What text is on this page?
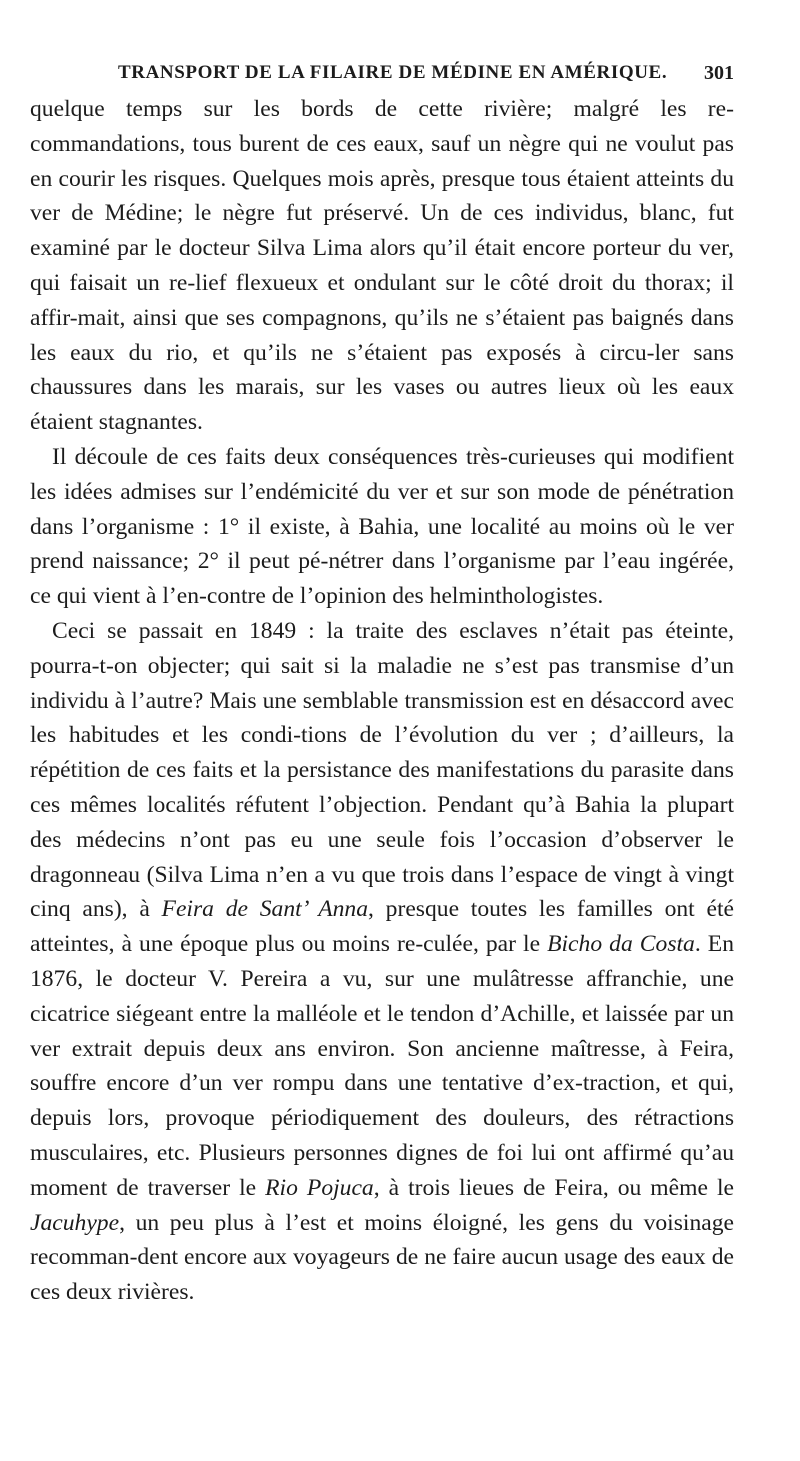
TRANSPORT DE LA FILAIRE DE MÉDINE EN AMÉRIQUE. 301

quelque temps sur les bords de cette rivière; malgré les re-commandations, tous burent de ces eaux, sauf un nègre qui ne voulut pas en courir les risques. Quelques mois après, presque tous étaient atteints du ver de Médine; le nègre fut préservé. Un de ces individus, blanc, fut examiné par le docteur Silva Lima alors qu’il était encore porteur du ver, qui faisait un re-lief flexueux et ondulant sur le côté droit du thorax; il affir-mait, ainsi que ses compagnons, qu’ils ne s’étaient pas baignés dans les eaux du rio, et qu’ils ne s’étaient pas exposés à circu-ler sans chaussures dans les marais, sur les vases ou autres lieux où les eaux étaient stagnantes.

Il découle de ces faits deux conséquences très-curieuses qui modifient les idées admises sur l’endémicité du ver et sur son mode de pénétration dans l’organisme : 1° il existe, à Bahia, une localité au moins où le ver prend naissance; 2° il peut pé-nétrer dans l’organisme par l’eau ingérée, ce qui vient à l’en-contre de l’opinion des helminthologistes.

Ceci se passait en 1849 : la traite des esclaves n’était pas éteinte, pourra-t-on objecter; qui sait si la maladie ne s’est pas transmise d’un individu à l’autre? Mais une semblable transmission est en désaccord avec les habitudes et les condi-tions de l’évolution du ver ; d’ailleurs, la répétition de ces faits et la persistance des manifestations du parasite dans ces mêmes localités réfutent l’objection. Pendant qu’à Bahia la plupart des médecins n’ont pas eu une seule fois l’occasion d’observer le dragonneau (Silva Lima n’en a vu que trois dans l’espace de vingt à vingt cinq ans), à Feira de Sant’ Anna, presque toutes les familles ont été atteintes, à une époque plus ou moins re-culée, par le Bicho da Costa. En 1876, le docteur V. Pereira a vu, sur une mulâtresse affranchie, une cicatrice siégeant entre la malléole et le tendon d’Achille, et laissée par un ver extrait depuis deux ans environ. Son ancienne maîtresse, à Feira, souffre encore d’un ver rompu dans une tentative d’ex-traction, et qui, depuis lors, provoque périodiquement des douleurs, des rétractions musculaires, etc. Plusieurs personnes dignes de foi lui ont affirmé qu’au moment de traverser le Rio Pojuca, à trois lieues de Feira, ou même le Jacuhype, un peu plus à l’est et moins éloigné, les gens du voisinage recomman-dent encore aux voyageurs de ne faire aucun usage des eaux de ces deux rivières.
